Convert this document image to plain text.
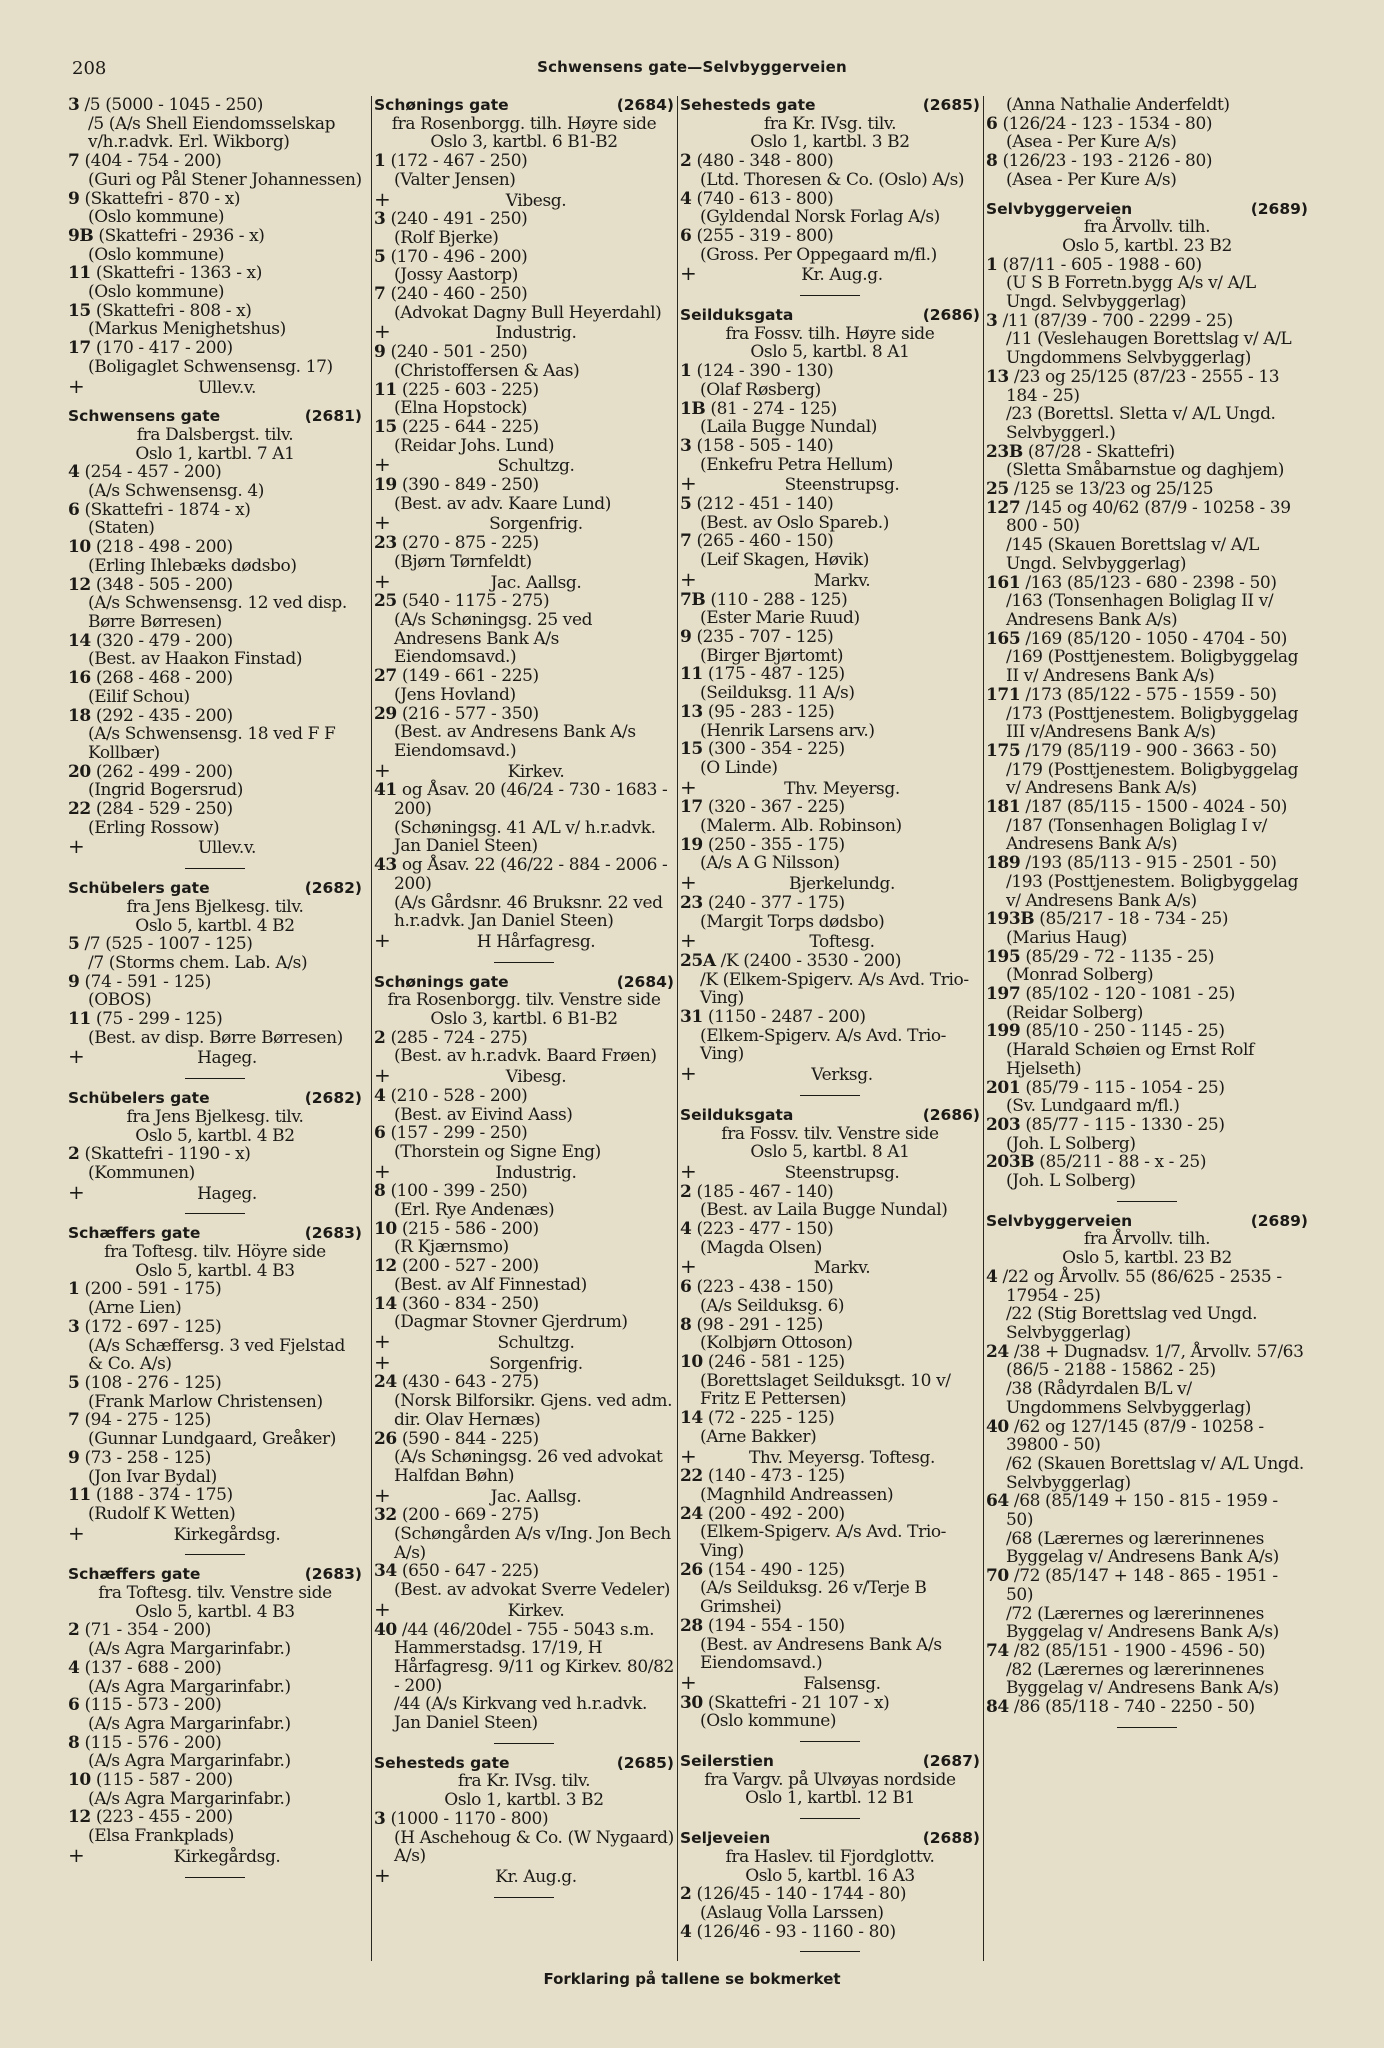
208	Schwensens gate—Selvbyggerveien
3 /5 (5000 - 1045 - 250)
/5 (A/s Shell Eiendomsselskap v/h.r.advk. Erl. Wikborg)
7 (404 - 754 - 200)
(Guri og Pål Stener Johannessen)
9 (Skattefri - 870 - x)
(Oslo kommune)
9B (Skattefri - 2936 - x)
(Oslo kommune)
11 (Skattefri - 1363 - x)
(Oslo kommune)
15 (Skattefri - 808 - x)
(Markus Menighetshus)
17 (170 - 417 - 200)
(Boligaglet Schwensensg. 17)
+	Ullev.v.
Schwensens gate	(2681)
fra Dalsbergst. tilv.
Oslo 1, kartbl. 7 A1
4 (254 - 457 - 200)
(A/s Schwensensg. 4)
6 (Skattefri - 1874 - x)
(Staten)
10 (218 - 498 - 200)
(Erling Ihlebæks dødsbo)
12 (348 - 505 - 200)
(A/s Schwensensg. 12 ved disp. Børre Børresen)
14 (320 - 479 - 200)
(Best. av Haakon Finstad)
16 (268 - 468 - 200)
(Eilif Schou)
18 (292 - 435 - 200)
(A/s Schwensensg. 18 ved F F Kollbær)
20 (262 - 499 - 200)
(Ingrid Bogersrud)
22 (284 - 529 - 250)
(Erling Rossow)
+	Ullev.v.
Schübelers gate	(2682)
fra Jens Bjelkesg. tilv.
Oslo 5, kartbl. 4 B2
5 /7 (525 - 1007 - 125)
/7 (Storms chem. Lab. A/s)
9 (74 - 591 - 125)
(OBOS)
11 (75 - 299 - 125)
(Best. av disp. Børre Børresen)
+	Hageg.
Schübelers gate	(2682)
fra Jens Bjelkesg. tilv.
Oslo 5, kartbl. 4 B2
2 (Skattefri - 1190 - x)
(Kommunen)
+	Hageg.
Schæffers gate	(2683)
fra Toftesg. tilv. Höyre side
Oslo 5, kartbl. 4 B3
1 (200 - 591 - 175)
(Arne Lien)
3 (172 - 697 - 125)
(A/s Schæffersg. 3 ved Fjelstad & Co. A/s)
5 (108 - 276 - 125)
(Frank Marlow Christensen)
7 (94 - 275 - 125)
(Gunnar Lundgaard, Greåker)
9 (73 - 258 - 125)
(Jon Ivar Bydal)
11 (188 - 374 - 175)
(Rudolf K Wetten)
+	Kirkegårdsg.
Schæffers gate	(2683)
fra Toftesg. tilv. Venstre side
Oslo 5, kartbl. 4 B3
2 (71 - 354 - 200)
(A/s Agra Margarinfabr.)
4 (137 - 688 - 200)
(A/s Agra Margarinfabr.)
6 (115 - 573 - 200)
(A/s Agra Margarinfabr.)
8 (115 - 576 - 200)
(A/s Agra Margarinfabr.)
10 (115 - 587 - 200)
(A/s Agra Margarinfabr.)
12 (223 - 455 - 200)
(Elsa Frankplads)
+	Kirkegårdsg.
Schønings gate	(2684)
fra Rosenborgg. tilh. Høyre side
Oslo 3, kartbl. 6 B1-B2
1 (172 - 467 - 250)
(Valter Jensen)
+	Vibesg.
3 (240 - 491 - 250)
(Rolf Bjerke)
5 (170 - 496 - 200)
(Jossy Aastorp)
7 (240 - 460 - 250)
(Advokat Dagny Bull Heyerdahl)
+	Industrig.
9 (240 - 501 - 250)
(Christoffersen & Aas)
11 (225 - 603 - 225)
(Elna Hopstock)
15 (225 - 644 - 225)
(Reidar Johs. Lund)
+	Schultzg.
19 (390 - 849 - 250)
(Best. av adv. Kaare Lund)
+	Sorgenfrig.
23 (270 - 875 - 225)
(Bjørn Tørnfeldt)
+	Jac. Aallsg.
25 (540 - 1175 - 275)
(A/s Schøningsg. 25 ved Andresens Bank A/s Eiendomsavd.)
27 (149 - 661 - 225)
(Jens Hovland)
29 (216 - 577 - 350)
(Best. av Andresens Bank A/s Eiendomsavd.)
+	Kirkev.
41 og Åsav. 20 (46/24 - 730 - 1683 - 200)
(Schøningsg. 41 A/L v/ h.r.advk. Jan Daniel Steen)
43 og Åsav. 22 (46/22 - 884 - 2006 - 200)
(A/s Gårdsnr. 46 Bruksnr. 22 ved h.r.advk. Jan Daniel Steen)
+	H Hårfagresg.
Schønings gate	(2684)
fra Rosenborgg. tilv. Venstre side
Oslo 3, kartbl. 6 B1-B2
2 (285 - 724 - 275)
(Best. av h.r.advk. Baard Frøen)
+	Vibesg.
4 (210 - 528 - 200)
(Best. av Eivind Aass)
6 (157 - 299 - 250)
(Thorstein og Signe Eng)
+	Industrig.
8 (100 - 399 - 250)
(Erl. Rye Andenæs)
10 (215 - 586 - 200)
(R Kjærnsmo)
12 (200 - 527 - 200)
(Best. av Alf Finnestad)
14 (360 - 834 - 250)
(Dagmar Stovner Gjerdrum)
+	Schultzg.
+	Sorgenfrig.
24 (430 - 643 - 275)
(Norsk Bilforsikr. Gjens. ved adm. dir. Olav Hernæs)
26 (590 - 844 - 225)
(A/s Schøningsg. 26 ved advokat Halfdan Bøhn)
+	Jac. Aallsg.
32 (200 - 669 - 275)
(Schøngården A/s v/Ing. Jon Bech A/s)
34 (650 - 647 - 225)
(Best. av advokat Sverre Vedeler)
+	Kirkev.
40 /44 (46/20del - 755 - 5043 s.m. Hammerstadsg. 17/19, H Hårfagresg. 9/11 og Kirkev. 80/82 - 200)
/44 (A/s Kirkvang ved h.r.advk. Jan Daniel Steen)
Sehesteds gate	(2685)
fra Kr. IVsg. tilv.
Oslo 1, kartbl. 3 B2
3 (1000 - 1170 - 800)
(H Aschehoug & Co. (W Nygaard) A/s)
+	Kr. Aug.g.
Sehesteds gate	(2685)
fra Kr. IVsg. tilv.
Oslo 1, kartbl. 3 B2
2 (480 - 348 - 800)
(Ltd. Thoresen & Co. (Oslo) A/s)
4 (740 - 613 - 800)
(Gyldendal Norsk Forlag A/s)
6 (255 - 319 - 800)
(Gross. Per Oppegaard m/fl.)
+	Kr. Aug.g.
Seilduksgata	(2686)
fra Fossv. tilh. Høyre side
Oslo 5, kartbl. 8 A1
1 (124 - 390 - 130)
(Olaf Røsberg)
1B (81 - 274 - 125)
(Laila Bugge Nundal)
3 (158 - 505 - 140)
(Enkefru Petra Hellum)
+	Steenstrupsg.
5 (212 - 451 - 140)
(Best. av Oslo Spareb.)
7 (265 - 460 - 150)
(Leif Skagen, Høvik)
+	Markv.
7B (110 - 288 - 125)
(Ester Marie Ruud)
9 (235 - 707 - 125)
(Birger Bjørtomt)
11 (175 - 487 - 125)
(Seilduksg. 11 A/s)
13 (95 - 283 - 125)
(Henrik Larsens arv.)
15 (300 - 354 - 225)
(O Linde)
+	Thv. Meyersg.
17 (320 - 367 - 225)
(Malerm. Alb. Robinson)
19 (250 - 355 - 175)
(A/s A G Nilsson)
+	Bjerkelundg.
23 (240 - 377 - 175)
(Margit Torps dødsbo)
+	Toftesg.
25A /K (2400 - 3530 - 200)
/K (Elkem-Spigerv. A/s Avd. Trio-Ving)
31 (1150 - 2487 - 200)
(Elkem-Spigerv. A/s Avd. Trio-Ving)
+	Verksg.
Seilduksgata	(2686)
fra Fossv. tilv. Venstre side
Oslo 5, kartbl. 8 A1
+	Steenstrupsg.
2 (185 - 467 - 140)
(Best. av Laila Bugge Nundal)
4 (223 - 477 - 150)
(Magda Olsen)
+	Markv.
6 (223 - 438 - 150)
(A/s Seilduksg. 6)
8 (98 - 291 - 125)
(Kolbjørn Ottoson)
10 (246 - 581 - 125)
(Borettslaget Seilduksgt. 10 v/ Fritz E Pettersen)
14 (72 - 225 - 125)
(Arne Bakker)
+	Thv. Meyersg. Toftesg.
22 (140 - 473 - 125)
(Magnhild Andreassen)
24 (200 - 492 - 200)
(Elkem-Spigerv. A/s Avd. Trio-Ving)
26 (154 - 490 - 125)
(A/s Seilduksg. 26 v/Terje B Grimshei)
28 (194 - 554 - 150)
(Best. av Andresens Bank A/s Eiendomsavd.)
+	Falsensg.
30 (Skattefri - 21 107 - x)
(Oslo kommune)
Seilerstien	(2687)
fra Vargv. på Ulvøyas nordside
Oslo 1, kartbl. 12 B1
Seljeveien	(2688)
fra Haslev. til Fjordglottv.
Oslo 5, kartbl. 16 A3
2 (126/45 - 140 - 1744 - 80)
(Aslaug Volla Larssen)
4 (126/46 - 93 - 1160 - 80)
(Anna Nathalie Anderfeldt)
6 (126/24 - 123 - 1534 - 80)
(Asea - Per Kure A/s)
8 (126/23 - 193 - 2126 - 80)
(Asea - Per Kure A/s)
Selvbyggerveien	(2689)
fra Årvollv. tilh.
Oslo 5, kartbl. 23 B2
1 (87/11 - 605 - 1988 - 60)
(U S B Forretn.bygg A/s v/ A/L Ungd. Selvbyggerlag)
3 /11 (87/39 - 700 - 2299 - 25)
/11 (Veslehaugen Borettslag v/ A/L Ungdommens Selvbyggerlag)
13 /23 og 25/125 (87/23 - 2555 - 13 184 - 25)
/23 (Borettsl. Sletta v/ A/L Ungd. Selvbyggerl.)
23B (87/28 - Skattefri)
(Sletta Småbarnstue og daghjem)
25 /125 se 13/23 og 25/125
127 /145 og 40/62 (87/9 - 10258 - 39 800 - 50)
/145 (Skauen Borettslag v/ A/L Ungd. Selvbyggerlag)
161 /163 (85/123 - 680 - 2398 - 50)
/163 (Tonsenhagen Boliglag II v/ Andresens Bank A/s)
165 /169 (85/120 - 1050 - 4704 - 50)
/169 (Posttjenestem. Boligbyggelag II v/ Andresens Bank A/s)
171 /173 (85/122 - 575 - 1559 - 50)
/173 (Posttjenestem. Boligbyggelag III v/Andresens Bank A/s)
175 /179 (85/119 - 900 - 3663 - 50)
/179 (Posttjenestem. Boligbyggelag v/ Andresens Bank A/s)
181 /187 (85/115 - 1500 - 4024 - 50)
/187 (Tonsenhagen Boliglag I v/ Andresens Bank A/s)
189 /193 (85/113 - 915 - 2501 - 50)
/193 (Posttjenestem. Boligbyggelag v/ Andresens Bank A/s)
193B (85/217 - 18 - 734 - 25)
(Marius Haug)
195 (85/29 - 72 - 1135 - 25)
(Monrad Solberg)
197 (85/102 - 120 - 1081 - 25)
(Reidar Solberg)
199 (85/10 - 250 - 1145 - 25)
(Harald Schøien og Ernst Rolf Hjelseth)
201 (85/79 - 115 - 1054 - 25)
(Sv. Lundgaard m/fl.)
203 (85/77 - 115 - 1330 - 25)
(Joh. L Solberg)
203B (85/211 - 88 - x - 25)
(Joh. L Solberg)
Selvbyggerveien	(2689)
fra Årvollv. tilh.
Oslo 5, kartbl. 23 B2
4 /22 og Årvollv. 55 (86/625 - 2535 - 17954 - 25)
/22 (Stig Borettslag ved Ungd. Selvbyggerlag)
24 /38 + Dugnadsv. 1/7, Årvollv. 57/63 (86/5 - 2188 - 15862 - 25)
/38 (Rådyrdalen B/L v/ Ungdommens Selvbyggerlag)
40 /62 og 127/145 (87/9 - 10258 - 39800 - 50)
/62 (Skauen Borettslag v/ A/L Ungd. Selvbyggerlag)
64 /68 (85/149 + 150 - 815 - 1959 - 50)
/68 (Lærernes og lærerinnenes Byggelag v/ Andresens Bank A/s)
70 /72 (85/147 + 148 - 865 - 1951 - 50)
/72 (Lærernes og lærerinnenes Byggelag v/ Andresens Bank A/s)
74 /82 (85/151 - 1900 - 4596 - 50)
/82 (Lærernes og lærerinnenes Byggelag v/ Andresens Bank A/s)
84 /86 (85/118 - 740 - 2250 - 50)
Forklaring på tallene se bokmerket
